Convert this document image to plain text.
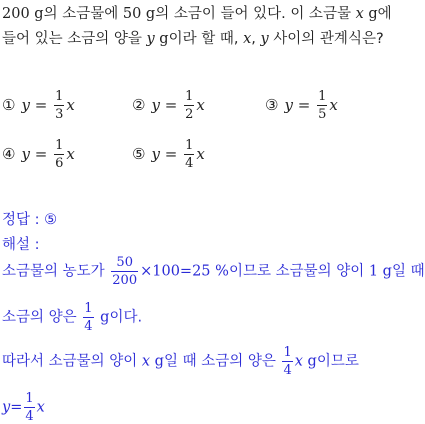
200 g의 소금물에 50 g의 소금이 들어 있다. 이 소금물 x g에
들어 있는 소금의 양을 y g이라 할 때, x, y 사이의 관계식은?
① $y = \frac{1}{3}$ x	② $y = \frac{1}{2}$ x	③ $y = \frac{1}{5}$ x
④ $y = \frac{1}{6}$ x	⑤ $y = \frac{1}{4}$ x
정답 : ⑤
해설 :
소금물의 농도가 $\frac{50}{200} \times 100=25$ %이므로 소금물의 양이 1 g일 때
소금의 양은 $\frac{1}{4}$ g이다.
따라서 소금물의 양이 x g일 때 소금의 양은 $\frac{1}{4}$ x g이므로
$y= \frac{1}{4}$ x
